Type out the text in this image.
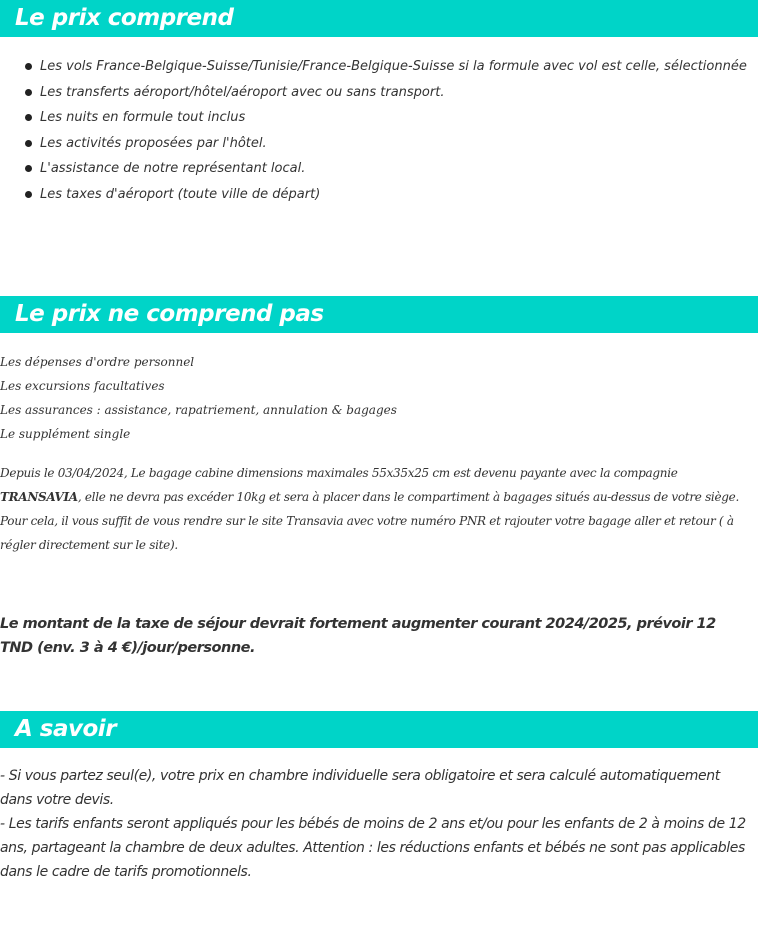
Le prix comprend
Les vols France-Belgique-Suisse/Tunisie/France-Belgique-Suisse si la formule avec vol est celle, sélectionnée
Les transferts aéroport/hôtel/aéroport avec ou sans transport.
Les nuits en formule tout inclus
Les activités proposées par l'hôtel.
L'assistance de notre représentant local.
Les taxes d'aéroport (toute ville de départ)
Le prix ne comprend pas
Les dépenses d'ordre personnel
Les excursions facultatives
Les assurances : assistance, rapatriement, annulation & bagages
Le supplément single
Depuis le 03/04/2024, Le bagage cabine dimensions maximales 55x35x25 cm est devenu payante avec la compagnie TRANSAVIA, elle ne devra pas excéder 10kg et sera à placer dans le compartiment à bagages situés au-dessus de votre siège. Pour cela, il vous suffit de vous rendre sur le site Transavia avec votre numéro PNR et rajouter votre bagage aller et retour ( à régler directement sur le site).
Le montant de la taxe de séjour devrait fortement augmenter courant 2024/2025, prévoir 12 TND (env. 3 à 4 €)/jour/personne.
A savoir

- Si vous partez seul(e), votre prix en chambre individuelle sera obligatoire et sera calculé automatiquement dans votre devis.

- Les tarifs enfants seront appliqués pour les bébés de moins de 2 ans et/ou pour les enfants de 2 à moins de 12 ans, partageant la chambre de deux adultes. Attention : les réductions enfants et bébés ne sont pas applicables dans le cadre de tarifs promotionnels.
